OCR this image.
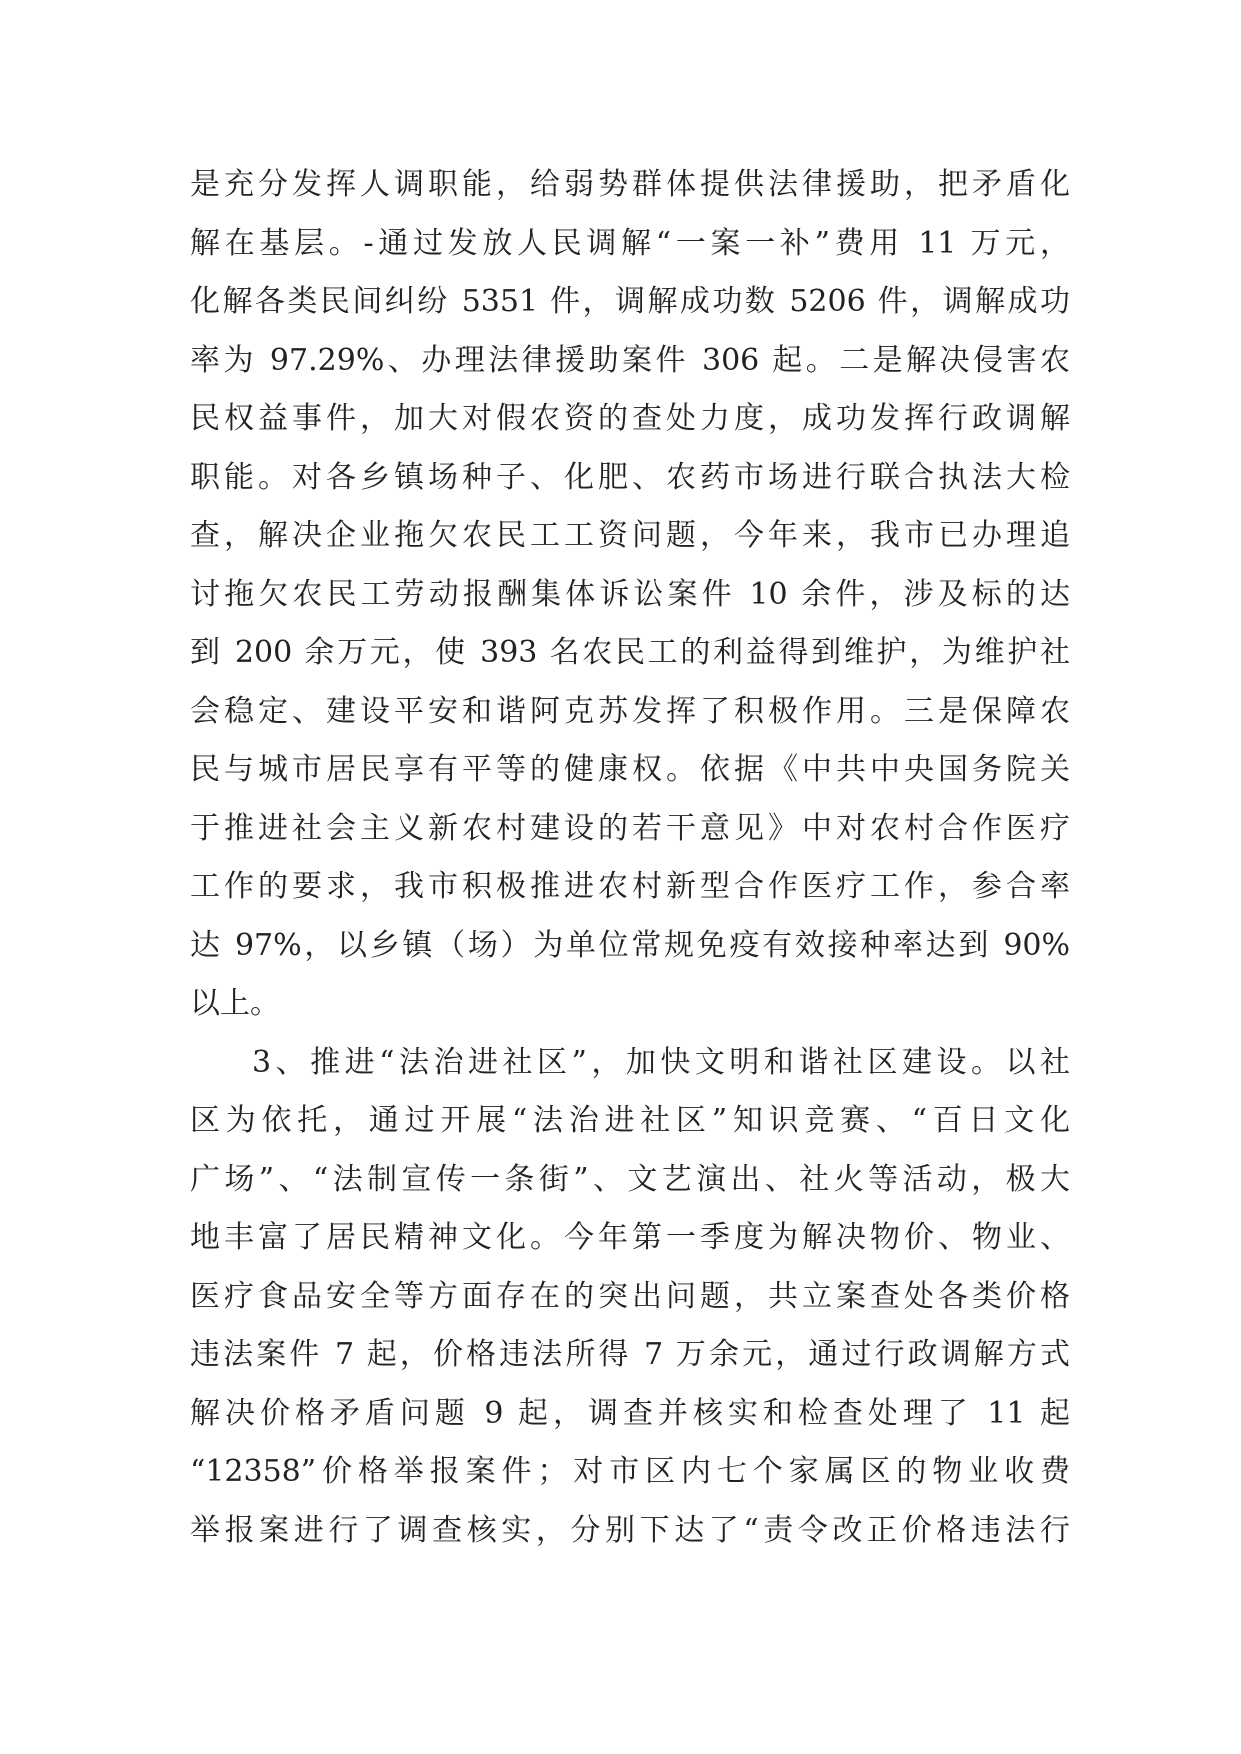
是充分发挥人调职能，给弱势群体提供法律援助，把矛盾化
解在基层。-通过发放人民调解“一案一补”费用 11 万元，
化解各类民间纠纷 5351 件，调解成功数 5206 件，调解成功
率为 97.29%、办理法律援助案件 306 起。二是解决侵害农
民权益事件，加大对假农资的查处力度，成功发挥行政调解
职能。对各乡镇场种子、化肥、农药市场进行联合执法大检
查，解决企业拖欠农民工工资问题，今年来，我市已办理追
讨拖欠农民工劳动报酬集体诉讼案件 10 余件，涉及标的达
到 200 余万元，使 393 名农民工的利益得到维护，为维护社
会稳定、建设平安和谐阿克苏发挥了积极作用。三是保障农
民与城市居民享有平等的健康权。依据《中共中央国务院关
于推进社会主义新农村建设的若干意见》中对农村合作医疗
工作的要求，我市积极推进农村新型合作医疗工作，参合率
达 97%，以乡镇（场）为单位常规免疫有效接种率达到 90%
以上。
3、推进“法治进社区”，加快文明和谐社区建设。以社
区为依托，通过开展“法治进社区”知识竞赛、“百日文化
广场”、“法制宣传一条街”、文艺演出、社火等活动，极大
地丰富了居民精神文化。今年第一季度为解决物价、物业、
医疗食品安全等方面存在的突出问题，共立案查处各类价格
违法案件 7 起，价格违法所得 7 万余元，通过行政调解方式
解决价格矛盾问题 9 起，调查并核实和检查处理了 11 起
“12358”价格举报案件；对市区内七个家属区的物业收费
举报案进行了调查核实，分别下达了“责令改正价格违法行
